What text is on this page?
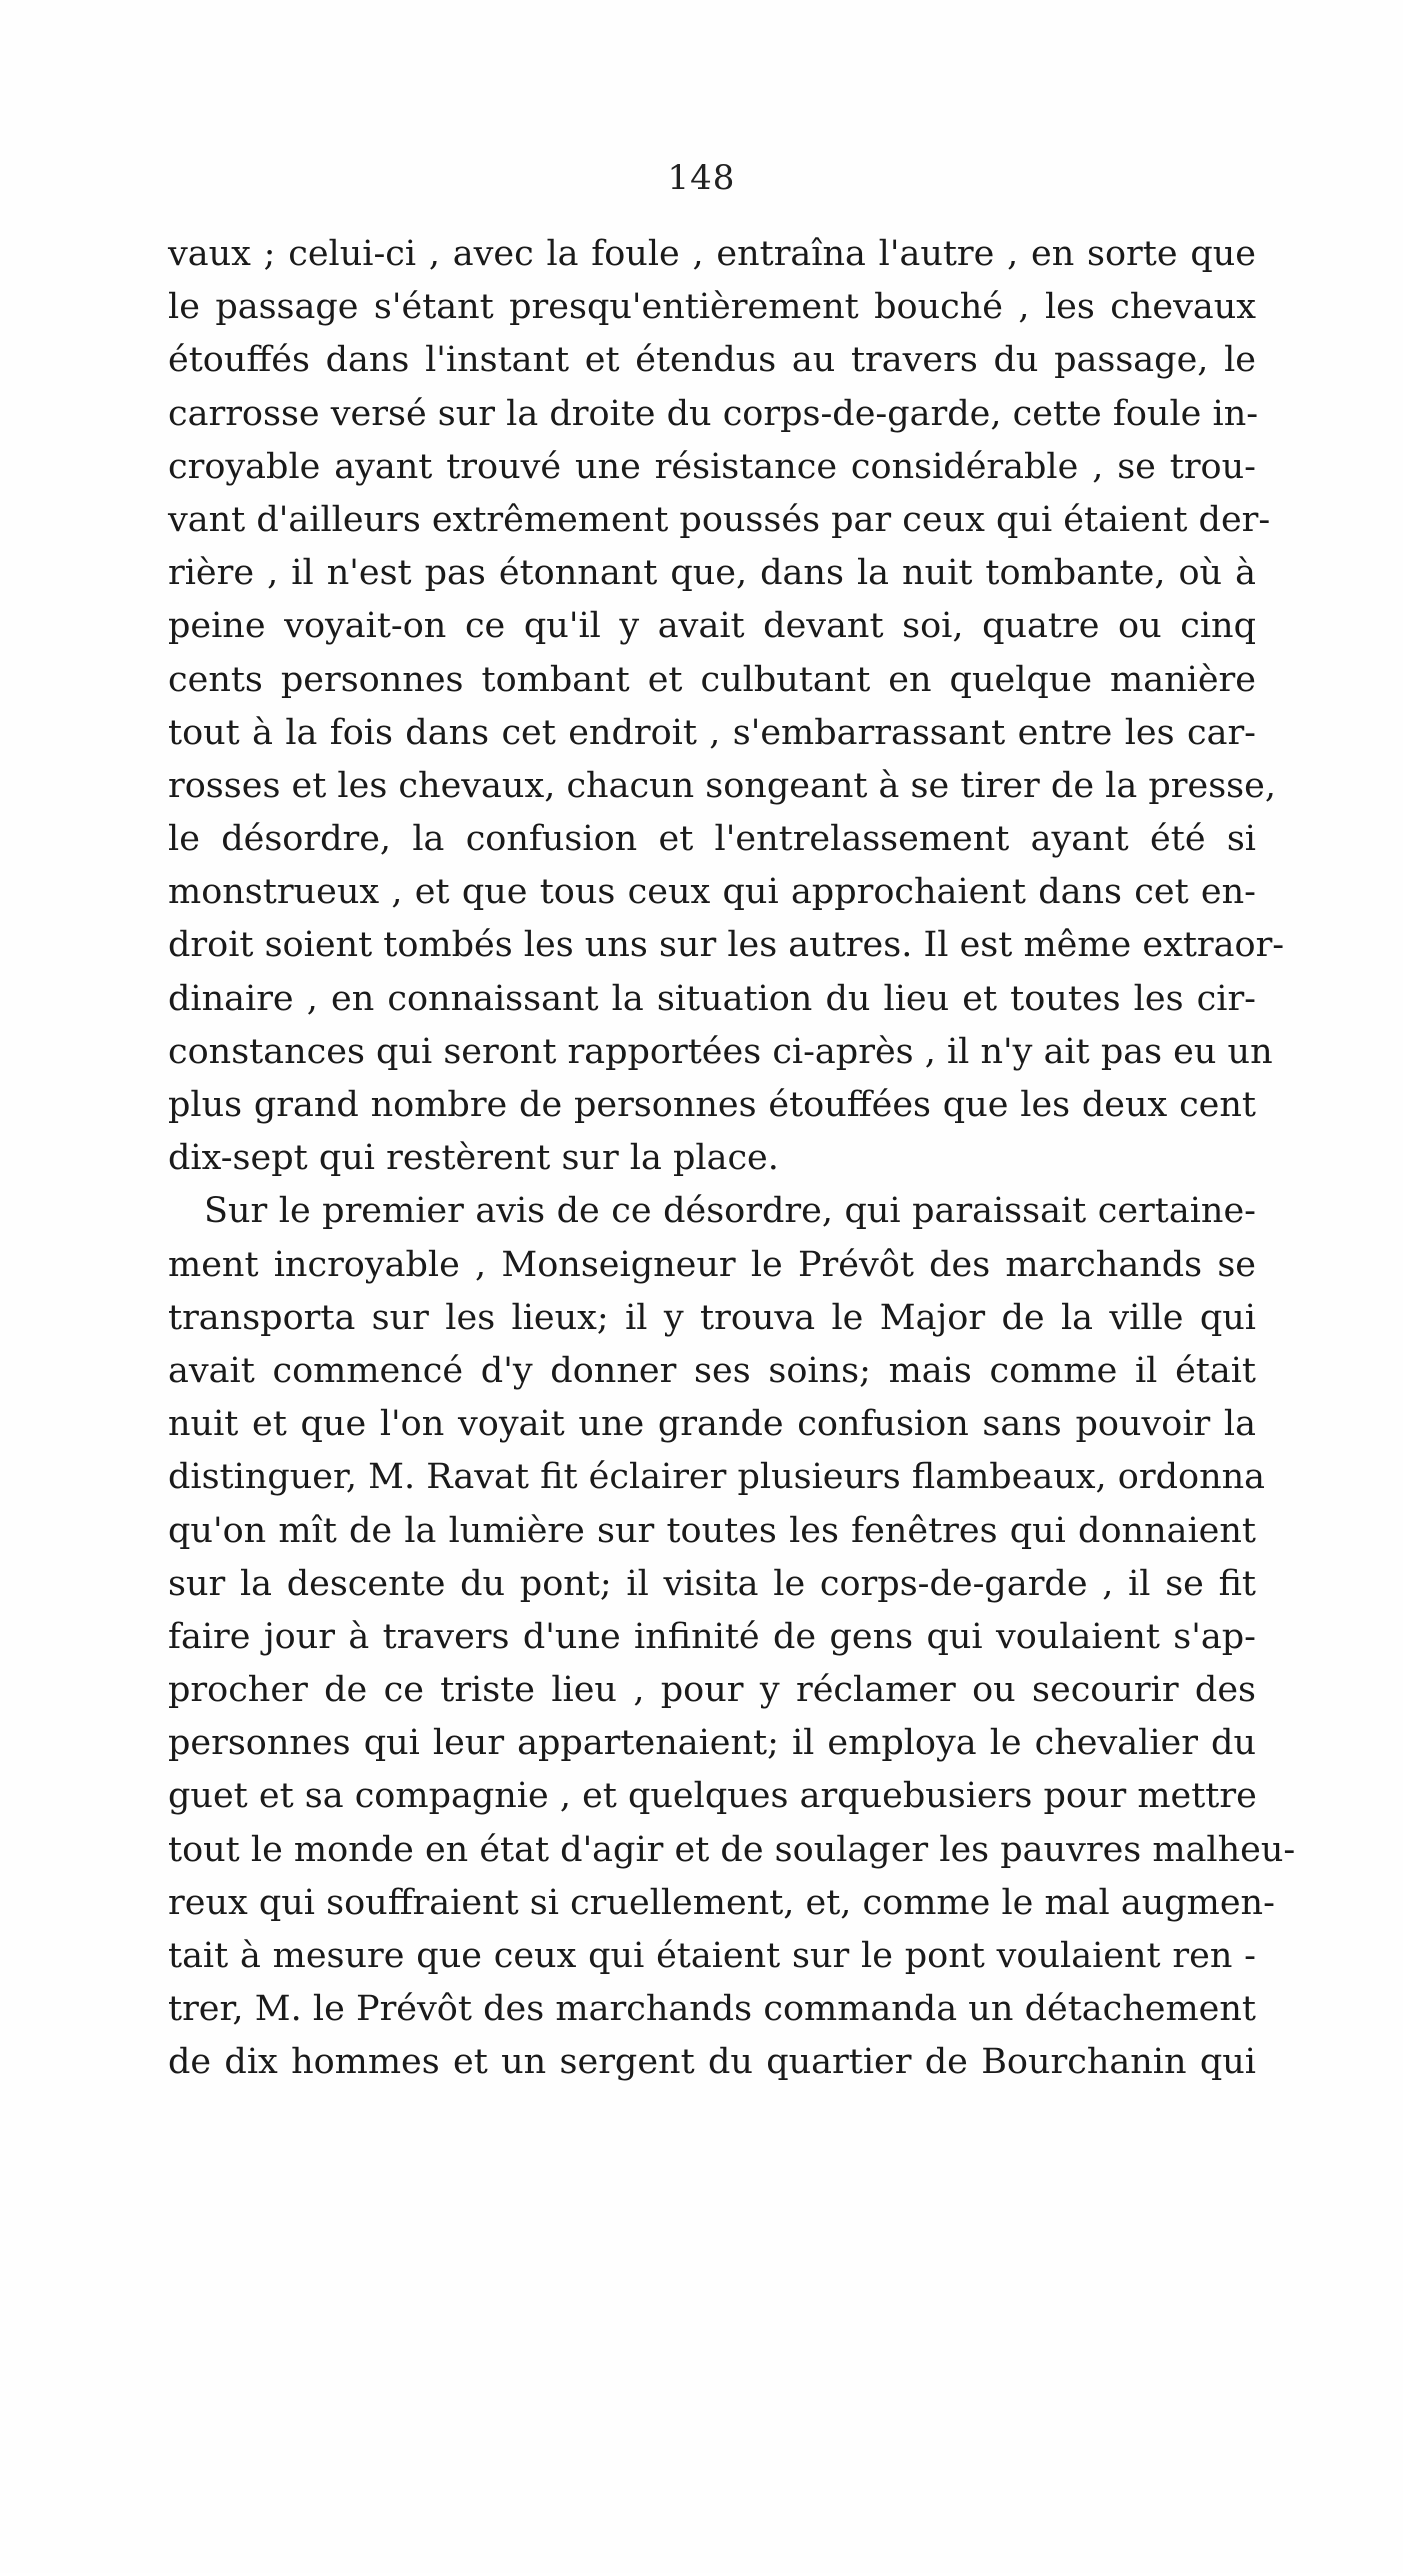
148
vaux ; celui-ci , avec la foule , entraîna l'autre , en sorte que
le passage s'étant presqu'entièrement bouché , les chevaux
étouffés dans l'instant et étendus au travers du passage, le
carrosse versé sur la droite du corps-de-garde, cette foule in-
croyable ayant trouvé une résistance considérable , se trou-
vant d'ailleurs extrêmement poussés par ceux qui étaient der-
rière , il n'est pas étonnant que, dans la nuit tombante, où à
peine voyait-on ce qu'il y avait devant soi, quatre ou cinq
cents personnes tombant et culbutant en quelque manière
tout à la fois dans cet endroit , s'embarrassant entre les car-
rosses et les chevaux, chacun songeant à se tirer de la presse,
le désordre, la confusion et l'entrelassement ayant été si
monstrueux , et que tous ceux qui approchaient dans cet en-
droit soient tombés les uns sur les autres. Il est même extraor-
dinaire , en connaissant la situation du lieu et toutes les cir-
constances qui seront rapportées ci-après , il n'y ait pas eu un
plus grand nombre de personnes étouffées que les deux cent
dix-sept qui restèrent sur la place.
Sur le premier avis de ce désordre, qui paraissait certaine-
ment incroyable , Monseigneur le Prévôt des marchands se
transporta sur les lieux; il y trouva le Major de la ville qui
avait commencé d'y donner ses soins; mais comme il était
nuit et que l'on voyait une grande confusion sans pouvoir la
distinguer, M. Ravat fit éclairer plusieurs flambeaux, ordonna
qu'on mît de la lumière sur toutes les fenêtres qui donnaient
sur la descente du pont; il visita le corps-de-garde , il se fit
faire jour à travers d'une infinité de gens qui voulaient s'ap-
procher de ce triste lieu , pour y réclamer ou secourir des
personnes qui leur appartenaient; il employa le chevalier du
guet et sa compagnie , et quelques arquebusiers pour mettre
tout le monde en état d'agir et de soulager les pauvres malheu-
reux qui souffraient si cruellement, et, comme le mal augmen-
tait à mesure que ceux qui étaient sur le pont voulaient ren -
trer, M. le Prévôt des marchands commanda un détachement
de dix hommes et un sergent du quartier de Bourchanin qui
